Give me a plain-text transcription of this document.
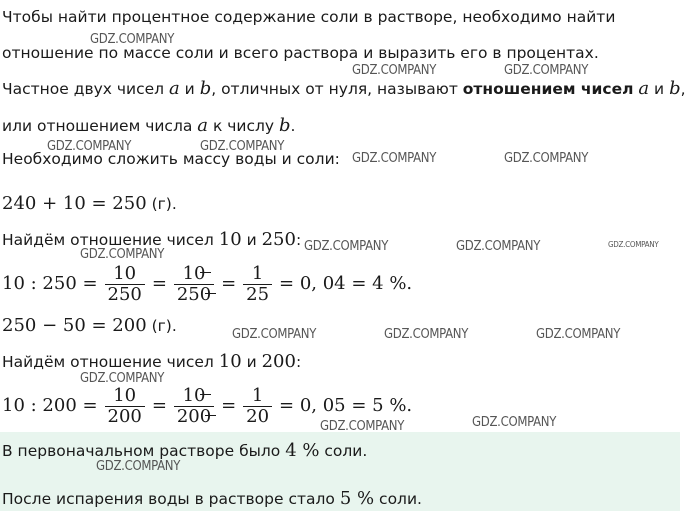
Чтобы найти процентное содержание соли в растворе, необходимо найти
отношение по массе соли и всего раствора и выразить его в процентах.
Частное двух чисел a и b, отличных от нуля, называют отношением чисел a и b,
или отношением числа a к числу b.
Необходимо сложить массу воды и соли:
240 + 10 = 250 (г).
Найдём отношение чисел 10 и 250:
10 : $250 = \frac{10}{250} = \frac{10}{250} = \frac{1}{25} = 0$, 04 = 4 %.
250 − 50 = 200 (г).
Найдём отношение чисел 10 и 200:
10 : $200 = \frac{10}{200} = \frac{10}{200} = \frac{1}{20} = 0$, 05 = 5 %.
В первоначальном растворе было 4 % соли.
После испарения воды в растворе стало 5 % соли.
GDZ.COMPANY
GDZ.COMPANY	GDZ.COMPANY
GDZ.COMPANY	GDZ.COMPANY
GDZ.COMPANY	GDZ.COMPANY
GDZ.COMPANY	GDZ.COMPANY	GDZ.COMPANY
GDZ.COMPANY
GDZ.COMPANY	GDZ.COMPANY	GDZ.COMPANY
GDZ.COMPANY
GDZ.COMPANY	GDZ.COMPANY
GDZ.COMPANY
